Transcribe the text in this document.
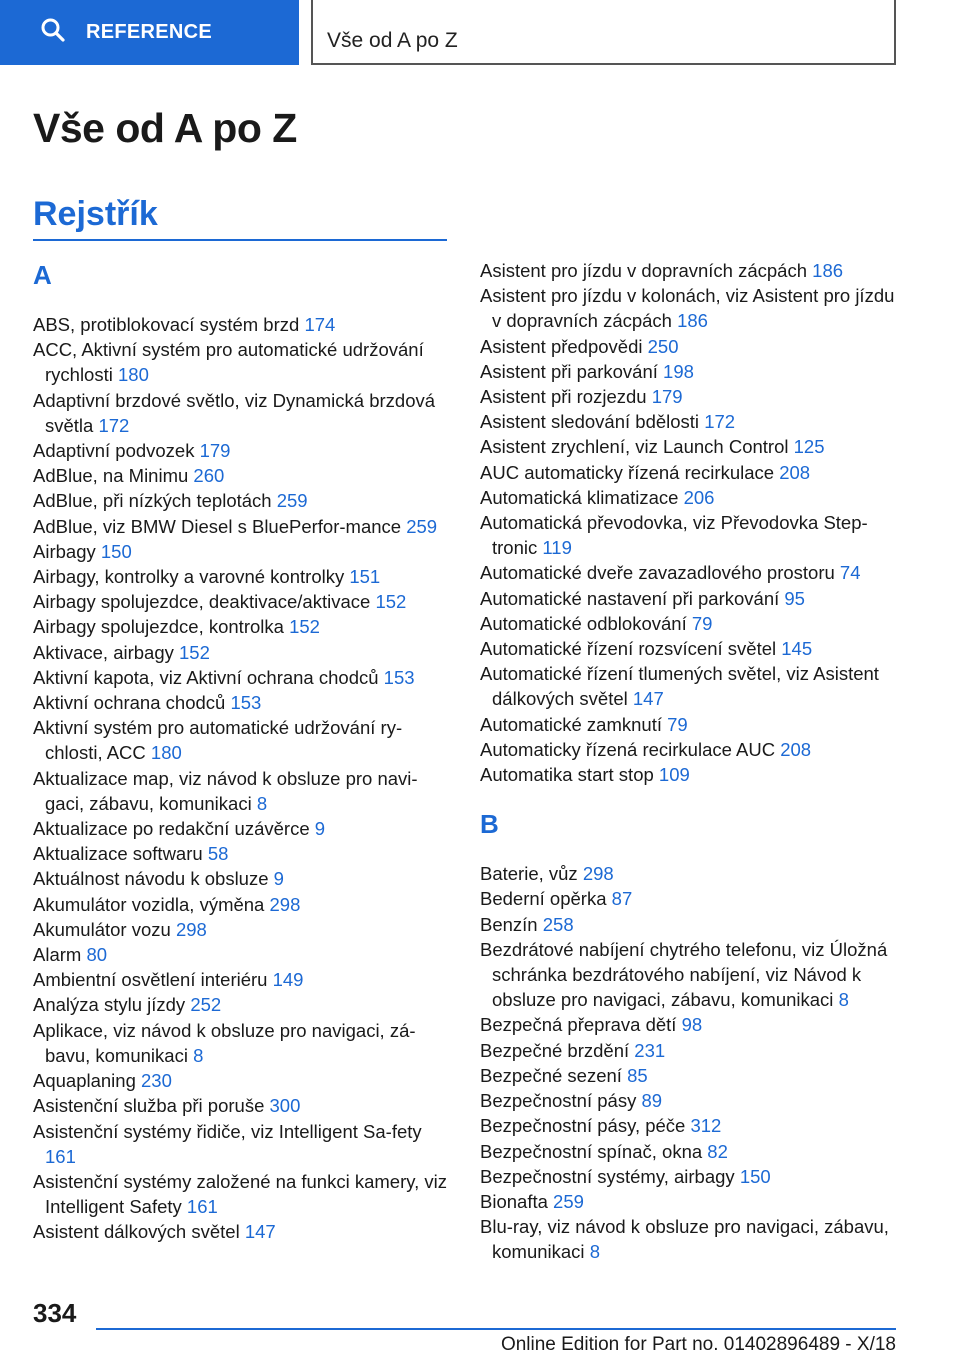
REFERENCE	Vše od A po Z
Vše od A po Z
Rejstřík
A
ABS, protiblokovací systém brzd 174
ACC, Aktivní systém pro automatické udržování rychlosti 180
Adaptivní brzdové světlo, viz Dynamická brzdová světla 172
Adaptivní podvozek 179
AdBlue, na Minimu 260
AdBlue, při nízkých teplotách 259
AdBlue, viz BMW Diesel s BluePerfor-mance 259
Airbagy 150
Airbagy, kontrolky a varovné kontrolky 151
Airbagy spolujezdce, deaktivace/aktivace 152
Airbagy spolujezdce, kontrolka 152
Aktivace, airbagy 152
Aktivní kapota, viz Aktivní ochrana chodců 153
Aktivní ochrana chodců 153
Aktivní systém pro automatické udržování ry-chlosti, ACC 180
Aktualizace map, viz návod k obsluze pro navi-gaci, zábavu, komunikaci 8
Aktualizace po redakční uzávěrce 9
Aktualizace softwaru 58
Aktuálnost návodu k obsluze 9
Akumulátor vozidla, výměna 298
Akumulátor vozu 298
Alarm 80
Ambientní osvětlení interiéru 149
Analýza stylu jízdy 252
Aplikace, viz návod k obsluze pro navigaci, zá-bavu, komunikaci 8
Aquaplaning 230
Asistenční služba při poruše 300
Asistenční systémy řidiče, viz Intelligent Sa-fety 161
Asistenční systémy založené na funkci kamery, viz Intelligent Safety 161
Asistent dálkových světel 147
Asistent pro jízdu v dopravních zácpách 186
Asistent pro jízdu v kolonách, viz Asistent pro jízdu v dopravních zácpách 186
Asistent předpovědi 250
Asistent při parkování 198
Asistent při rozjezdu 179
Asistent sledování bdělosti 172
Asistent zrychlení, viz Launch Control 125
AUC automaticky řízená recirkulace 208
Automatická klimatizace 206
Automatická převodovka, viz Převodovka Step-tronic 119
Automatické dveře zavazadlového prostoru 74
Automatické nastavení při parkování 95
Automatické odblokování 79
Automatické řízení rozsvícení světel 145
Automatické řízení tlumených světel, viz Asistent dálkových světel 147
Automatické zamknutí 79
Automaticky řízená recirkulace AUC 208
Automatika start stop 109
B
Baterie, vůz 298
Bederní opěrka 87
Benzín 258
Bezdrátové nabíjení chytrého telefonu, viz Úložná schránka bezdrátového nabíjení, viz Návod k obsluze pro navigaci, zábavu, komunikaci 8
Bezpečná přeprava dětí 98
Bezpečné brzdění 231
Bezpečné sezení 85
Bezpečnostní pásy 89
Bezpečnostní pásy, péče 312
Bezpečnostní spínač, okna 82
Bezpečnostní systémy, airbagy 150
Bionafta 259
Blu-ray, viz návod k obsluze pro navigaci, zábavu, komunikaci 8
334
Online Edition for Part no. 01402896489 - X/18
